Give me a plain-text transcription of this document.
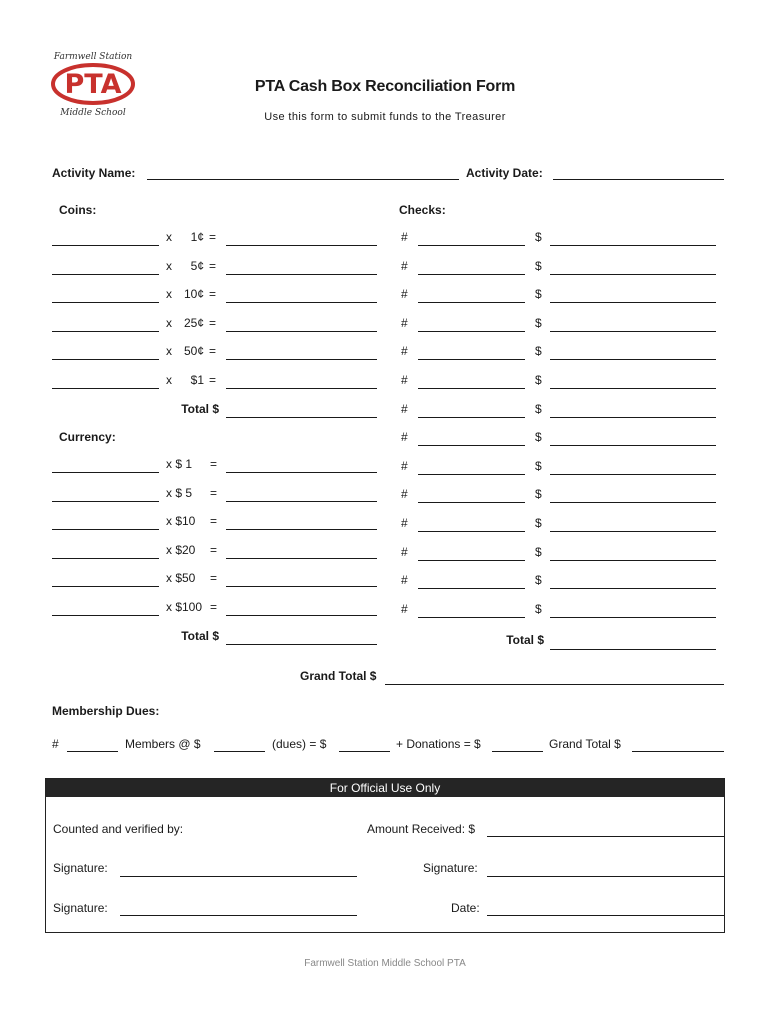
Farmwell Station
PTA
Middle School
PTA Cash Box Reconciliation Form
Use this form to submit funds to the Treasurer
Activity Name:	Activity Date:
Coins:
x	1¢ =
x	5¢ =
x 10¢ =
x 25¢ =
x 50¢ =
x	$1 =
Total $
Currency:
x $ 1 =
x $ 5 =
x $10 =
x $20 =
x $50 =
x $100 =
Total $
Checks:
#	$
#	$
#	$
#	$
#	$
#	$
#	$
#	$
#	$
#	$
#	$
#	$
#	$
#	$
Total $
Grand Total $
Membership Dues:
#	Members @ $	(dues) = $	+ Donations = $	Grand Total $
For Official Use Only
Counted and verified by:	Amount Received: $
Signature:	Signature:
Signature:	Date:
Farmwell Station Middle School PTA
